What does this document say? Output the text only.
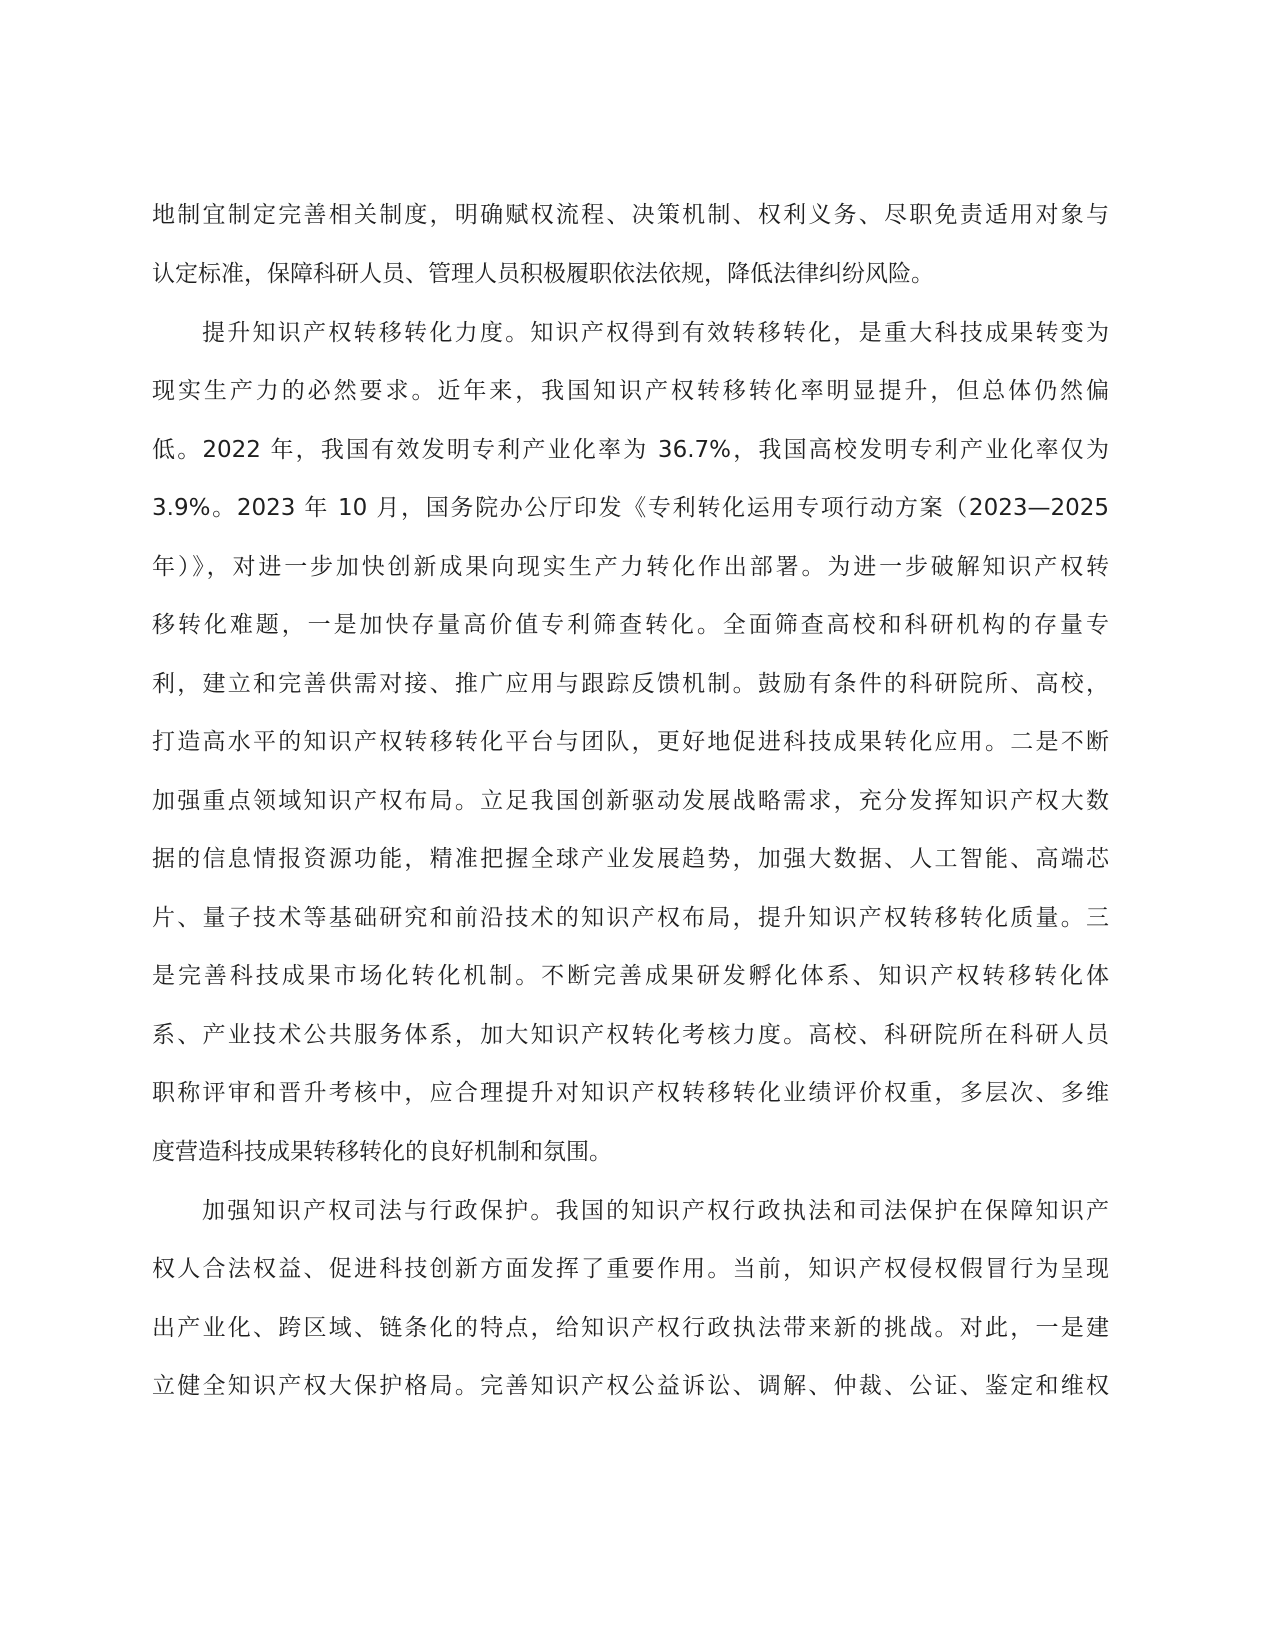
地制宜制定完善相关制度，明确赋权流程、决策机制、权利义务、尽职免责适用对象与
认定标准，保障科研人员、管理人员积极履职依法依规，降低法律纠纷风险。
提升知识产权转移转化力度。知识产权得到有效转移转化，是重大科技成果转变为
现实生产力的必然要求。近年来，我国知识产权转移转化率明显提升，但总体仍然偏
低。2022 年，我国有效发明专利产业化率为 36.7%，我国高校发明专利产业化率仅为
3.9%。2023 年 10 月，国务院办公厅印发《专利转化运用专项行动方案（2023—2025
年）》，对进一步加快创新成果向现实生产力转化作出部署。为进一步破解知识产权转
移转化难题，一是加快存量高价值专利筛查转化。全面筛查高校和科研机构的存量专
利，建立和完善供需对接、推广应用与跟踪反馈机制。鼓励有条件的科研院所、高校，
打造高水平的知识产权转移转化平台与团队，更好地促进科技成果转化应用。二是不断
加强重点领域知识产权布局。立足我国创新驱动发展战略需求，充分发挥知识产权大数
据的信息情报资源功能，精准把握全球产业发展趋势，加强大数据、人工智能、高端芯
片、量子技术等基础研究和前沿技术的知识产权布局，提升知识产权转移转化质量。三
是完善科技成果市场化转化机制。不断完善成果研发孵化体系、知识产权转移转化体
系、产业技术公共服务体系，加大知识产权转化考核力度。高校、科研院所在科研人员
职称评审和晋升考核中，应合理提升对知识产权转移转化业绩评价权重，多层次、多维
度营造科技成果转移转化的良好机制和氛围。
加强知识产权司法与行政保护。我国的知识产权行政执法和司法保护在保障知识产
权人合法权益、促进科技创新方面发挥了重要作用。当前，知识产权侵权假冒行为呈现
出产业化、跨区域、链条化的特点，给知识产权行政执法带来新的挑战。对此，一是建
立健全知识产权大保护格局。完善知识产权公益诉讼、调解、仲裁、公证、鉴定和维权
